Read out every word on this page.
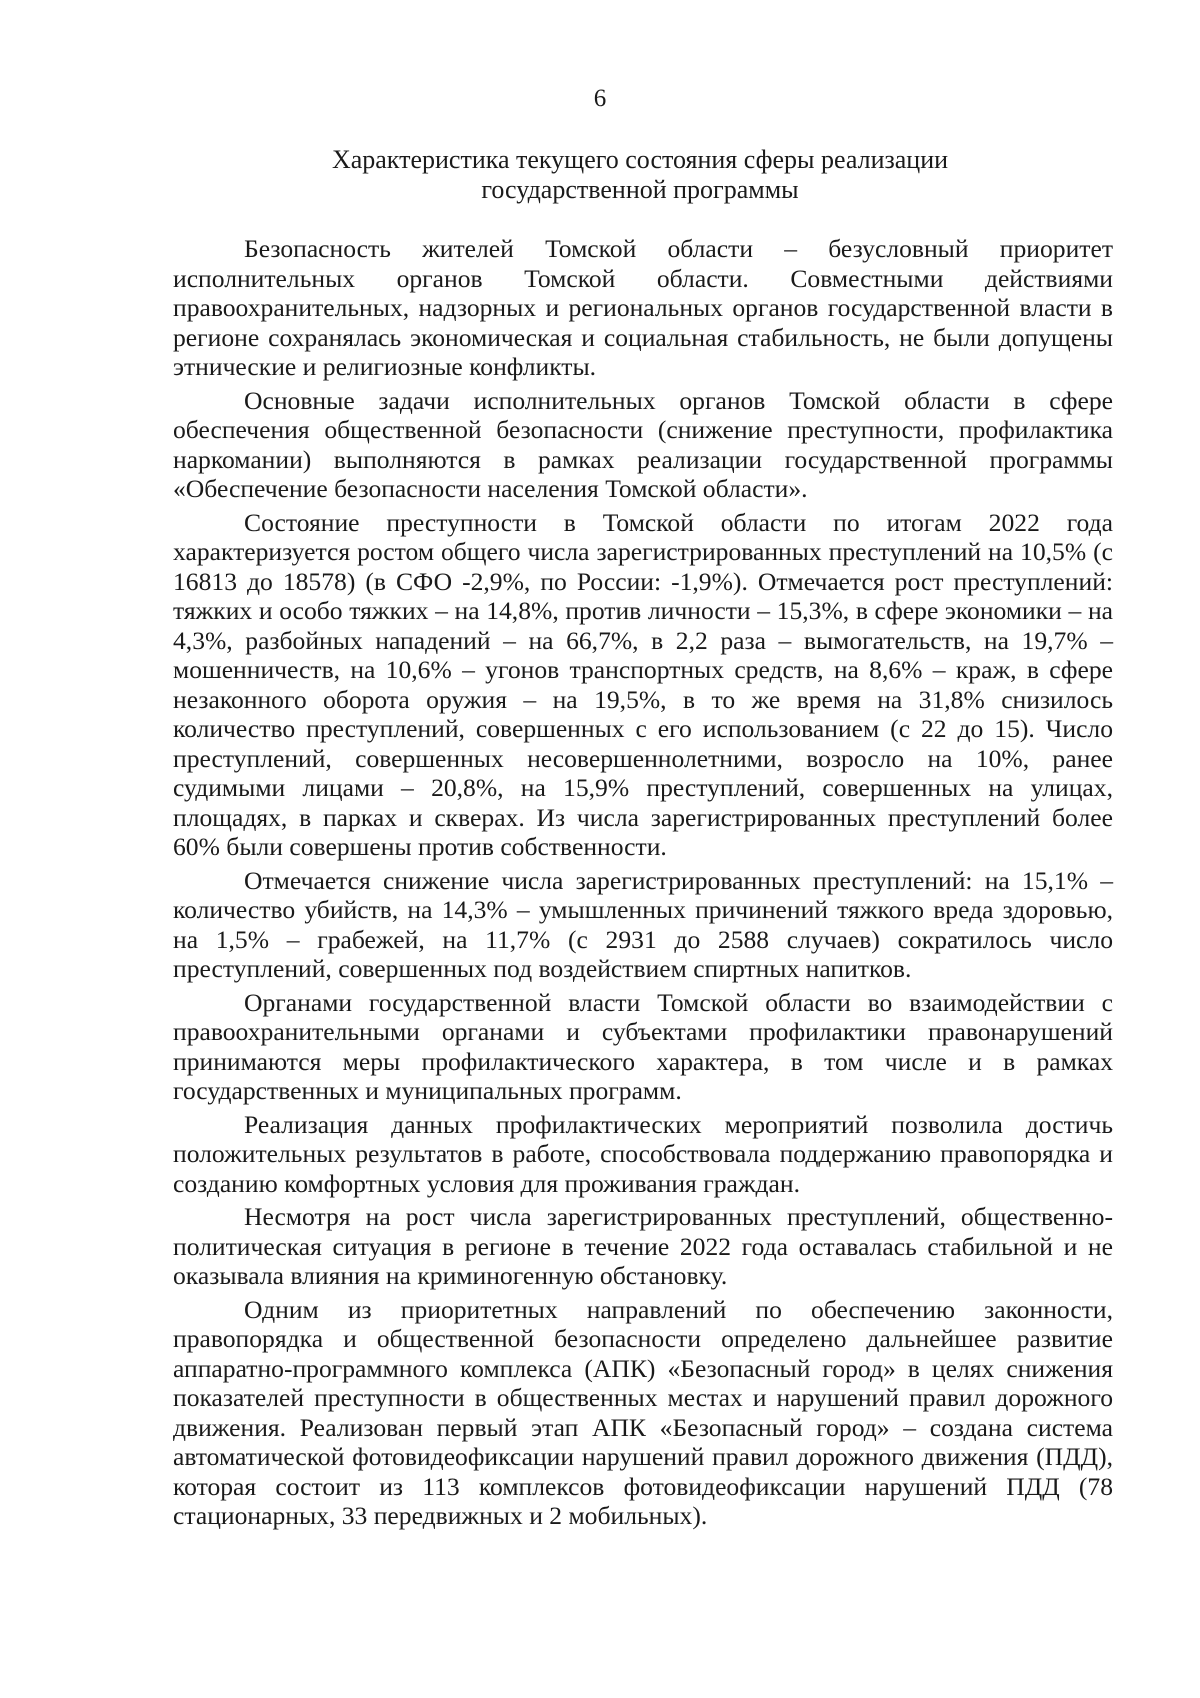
6
Характеристика текущего состояния сферы реализации
государственной программы

Безопасность жителей Томской области – безусловный приоритет исполнительных органов Томской области. Совместными действиями правоохранительных, надзорных и региональных органов государственной власти в регионе сохранялась экономическая и социальная стабильность, не были допущены этнические и религиозные конфликты.

Основные задачи исполнительных органов Томской области в сфере обеспечения общественной безопасности (снижение преступности, профилактика наркомании) выполняются в рамках реализации государственной программы «Обеспечение безопасности населения Томской области».

Состояние преступности в Томской области по итогам 2022 года характеризуется ростом общего числа зарегистрированных преступлений на 10,5% (с 16813 до 18578) (в СФО -2,9%, по России: -1,9%). Отмечается рост преступлений: тяжких и особо тяжких – на 14,8%, против личности – 15,3%, в сфере экономики – на 4,3%, разбойных нападений – на 66,7%, в 2,2 раза – вымогательств, на 19,7% – мошенничеств, на 10,6% – угонов транспортных средств, на 8,6% – краж, в сфере незаконного оборота оружия – на 19,5%, в то же время на 31,8% снизилось количество преступлений, совершенных с его использованием (с 22 до 15). Число преступлений, совершенных несовершеннолетними, возросло на 10%, ранее судимыми лицами – 20,8%, на 15,9% преступлений, совершенных на улицах, площадях, в парках и скверах. Из числа зарегистрированных преступлений более 60% были совершены против собственности.

Отмечается снижение числа зарегистрированных преступлений: на 15,1% – количество убийств, на 14,3% – умышленных причинений тяжкого вреда здоровью, на 1,5% – грабежей, на 11,7% (с 2931 до 2588 случаев) сократилось число преступлений, совершенных под воздействием спиртных напитков.

Органами государственной власти Томской области во взаимодействии с правоохранительными органами и субъектами профилактики правонарушений принимаются меры профилактического характера, в том числе и в рамках государственных и муниципальных программ.

Реализация данных профилактических мероприятий позволила достичь положительных результатов в работе, способствовала поддержанию правопорядка и созданию комфортных условия для проживания граждан.

Несмотря на рост числа зарегистрированных преступлений, общественно-политическая ситуация в регионе в течение 2022 года оставалась стабильной и не оказывала влияния на криминогенную обстановку.

Одним из приоритетных направлений по обеспечению законности, правопорядка и общественной безопасности определено дальнейшее развитие аппаратно-программного комплекса (АПК) «Безопасный город» в целях снижения показателей преступности в общественных местах и нарушений правил дорожного движения. Реализован первый этап АПК «Безопасный город» – создана система автоматической фотовидеофиксации нарушений правил дорожного движения (ПДД), которая состоит из 113 комплексов фотовидеофиксации нарушений ПДД (78 стационарных, 33 передвижных и 2 мобильных).
